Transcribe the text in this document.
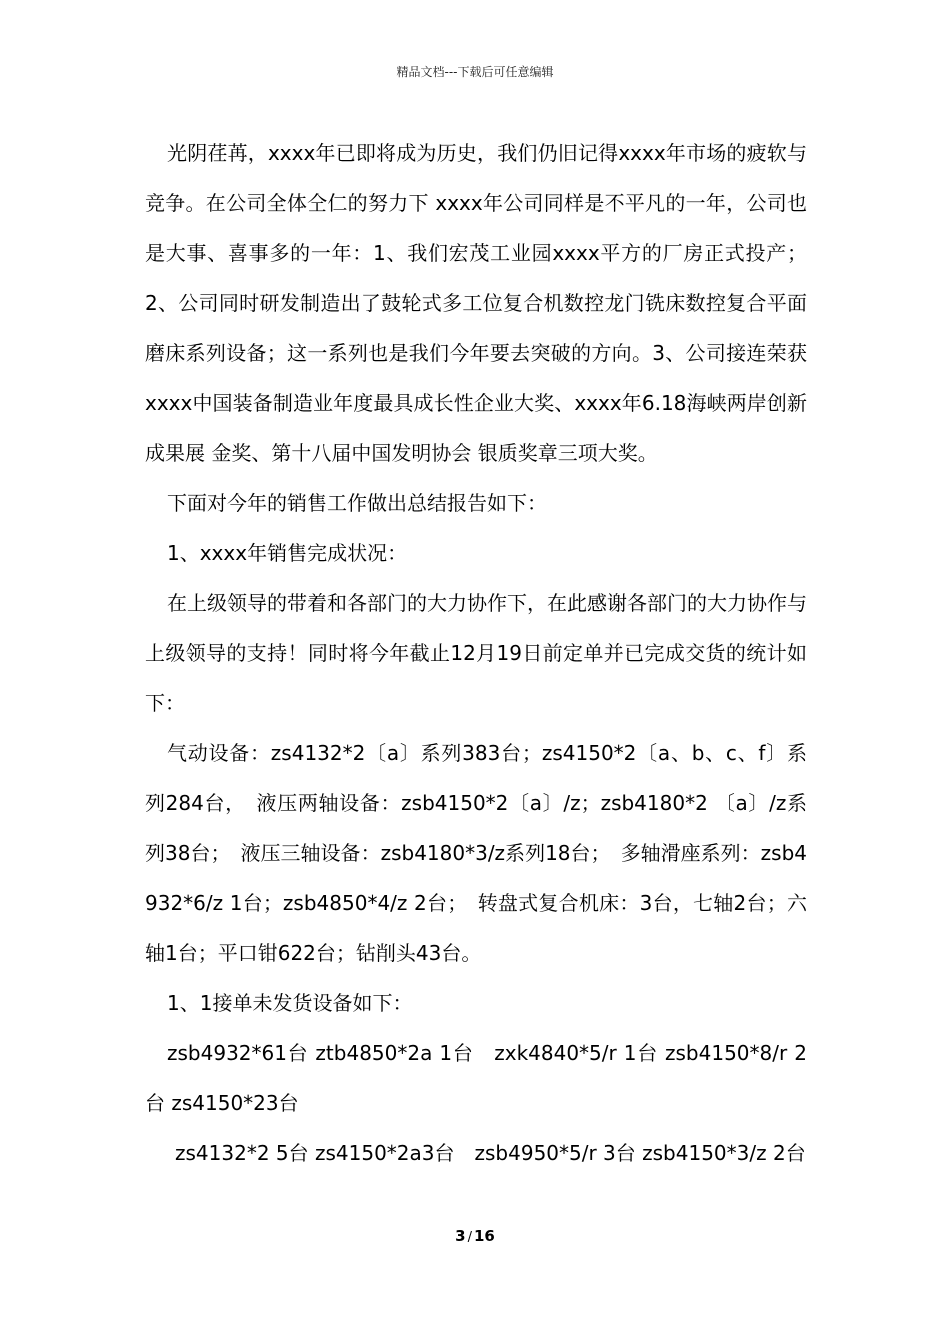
精品文档---下载后可任意编辑

光阴荏苒，xxxx年已即将成为历史，我们仍旧记得xxxx年市场的疲软与竞争。在公司全体仝仁的努力下 xxxx年公司同样是不平凡的一年，公司也是大事、喜事多的一年：1、我们宏茂工业园xxxx平方的厂房正式投产；2、公司同时研发制造出了鼓轮式多工位复合机数控龙门铣床数控复合平面磨床系列设备；这一系列也是我们今年要去突破的方向。3、公司接连荣获xxxx中国装备制造业年度最具成长性企业大奖、xxxx年6.18海峡两岸创新成果展 金奖、第十八届中国发明协会 银质奖章三项大奖。

下面对今年的销售工作做出总结报告如下：

1、xxxx年销售完成状况：

在上级领导的带着和各部门的大力协作下，在此感谢各部门的大力协作与上级领导的支持！同时将今年截止12月19日前定单并已完成交货的统计如下：

气动设备：zs4132*2〔a〕系列383台；zs4150*2〔a、b、c、f〕系列284台，　液压两轴设备：zsb4150*2〔a〕/z；zsb4180*2 〔a〕/z系列38台；　液压三轴设备：zsb4180*3/z系列18台；　多轴滑座系列：zsb4932*6/z 1台；zsb4850*4/z 2台；　转盘式复合机床：3台，七轴2台；六轴1台；平口钳622台；钻削头43台。

1、1接单未发货设备如下：

zsb4932*61台 ztb4850*2a 1台　zxk4840*5/r 1台 zsb4150*8/r 2台 zs4150*23台

zs4132*2 5台 zs4150*2a3台　zsb4950*5/r 3台 zsb4150*3/z 2台

3 / 16
